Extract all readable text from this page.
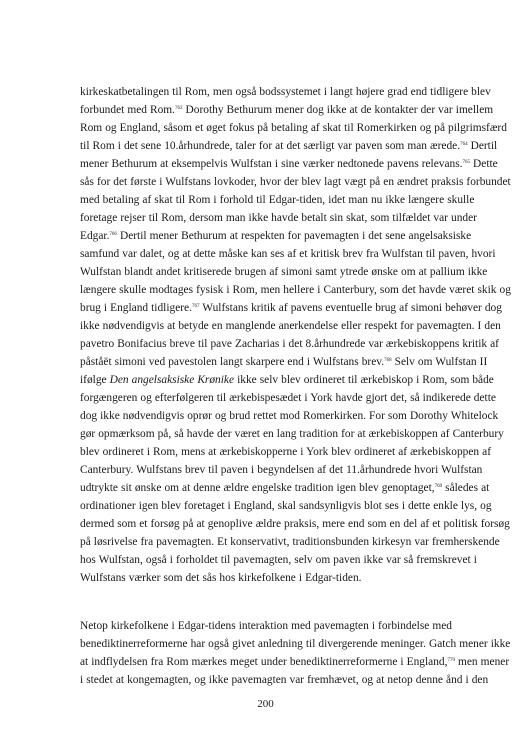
kirkeskatbetalingen til Rom, men også bodssystemet i langt højere grad end tidligere blev
forbundet med Rom.$^{763}$ Dorothy Bethurum mener dog ikke at de kontakter der var imellem
Rom og England, såsom et øget fokus på betaling af skat til Romerkirken og på pilgrimsfærd
til Rom i det sene 10.århundrede, taler for at det særligt var paven som man ærede.$^{764}$ Dertil
mener Bethurum at eksempelvis Wulfstan i sine værker nedtonede pavens relevans.$^{765}$ Dette
sås for det første i Wulfstans lovkoder, hvor der blev lagt vægt på en ændret praksis forbundet
med betaling af skat til Rom i forhold til Edgar-tiden, idet man nu ikke længere skulle
foretage rejser til Rom, dersom man ikke havde betalt sin skat, som tilfældet var under
Edgar.$^{766}$ Dertil mener Bethurum at respekten for pavemagten i det sene angelsaksiske
samfund var dalet, og at dette måske kan ses af et kritisk brev fra Wulfstan til paven, hvori
Wulfstan blandt andet kritiserede brugen af simoni samt ytrede ønske om at pallium ikke
længere skulle modtages fysisk i Rom, men hellere i Canterbury, som det havde været skik og
brug i England tidligere.$^{767}$ Wulfstans kritik af pavens eventuelle brug af simoni behøver dog
ikke nødvendigvis at betyde en manglende anerkendelse eller respekt for pavemagten. I den
pavetro Bonifacius breve til pave Zacharias i det 8.århundrede var ærkebiskoppens kritik af
påståët simoni ved pavestolen langt skarpere end i Wulfstans brev.$^{768}$ Selv om Wulfstan II
ifølge Den angelsaksiske Krønike ikke selv blev ordineret til ærkebiskop i Rom, som både
forgængeren og efterfølgeren til ærkebispesædet i York havde gjort det, så indikerede dette
dog ikke nødvendigvis oprør og brud rettet mod Romerkirken. For som Dorothy Whitelock
gør opmærksom på, så havde der været en lang tradition for at ærkebiskoppen af Canterbury
blev ordineret i Rom, mens at ærkebiskopperne i York blev ordineret af ærkebiskoppen af
Canterbury. Wulfstans brev til paven i begyndelsen af det 11.århundrede hvori Wulfstan
udtrykte sit ønske om at denne ældre engelske tradition igen blev genoptaget,$^{769}$ således at
ordinationer igen blev foretaget i England, skal sandsynligvis blot ses i dette enkle lys, og
dermed som et forsøg på at genoplive ældre praksis, mere end som en del af et politisk forsøg
på løsrivelse fra pavemagten. Et konservativt, traditionsbunden kirkesyn var fremherskende
hos Wulfstan, også i forholdet til pavemagten, selv om paven ikke var så fremskrevet i
Wulfstans værker som det sås hos kirkefolkene i Edgar-tiden.
Netop kirkefolkene i Edgar-tidens interaktion med pavemagten i forbindelse med
benediktinerreformerne har også givet anledning til divergerende meninger. Gatch mener ikke
at indflydelsen fra Rom mærkes meget under benediktinerreformerne i England,$^{770}$ men mener
i stedet at kongemagten, og ikke pavemagten var fremhævet, og at netop denne ånd i den
200
